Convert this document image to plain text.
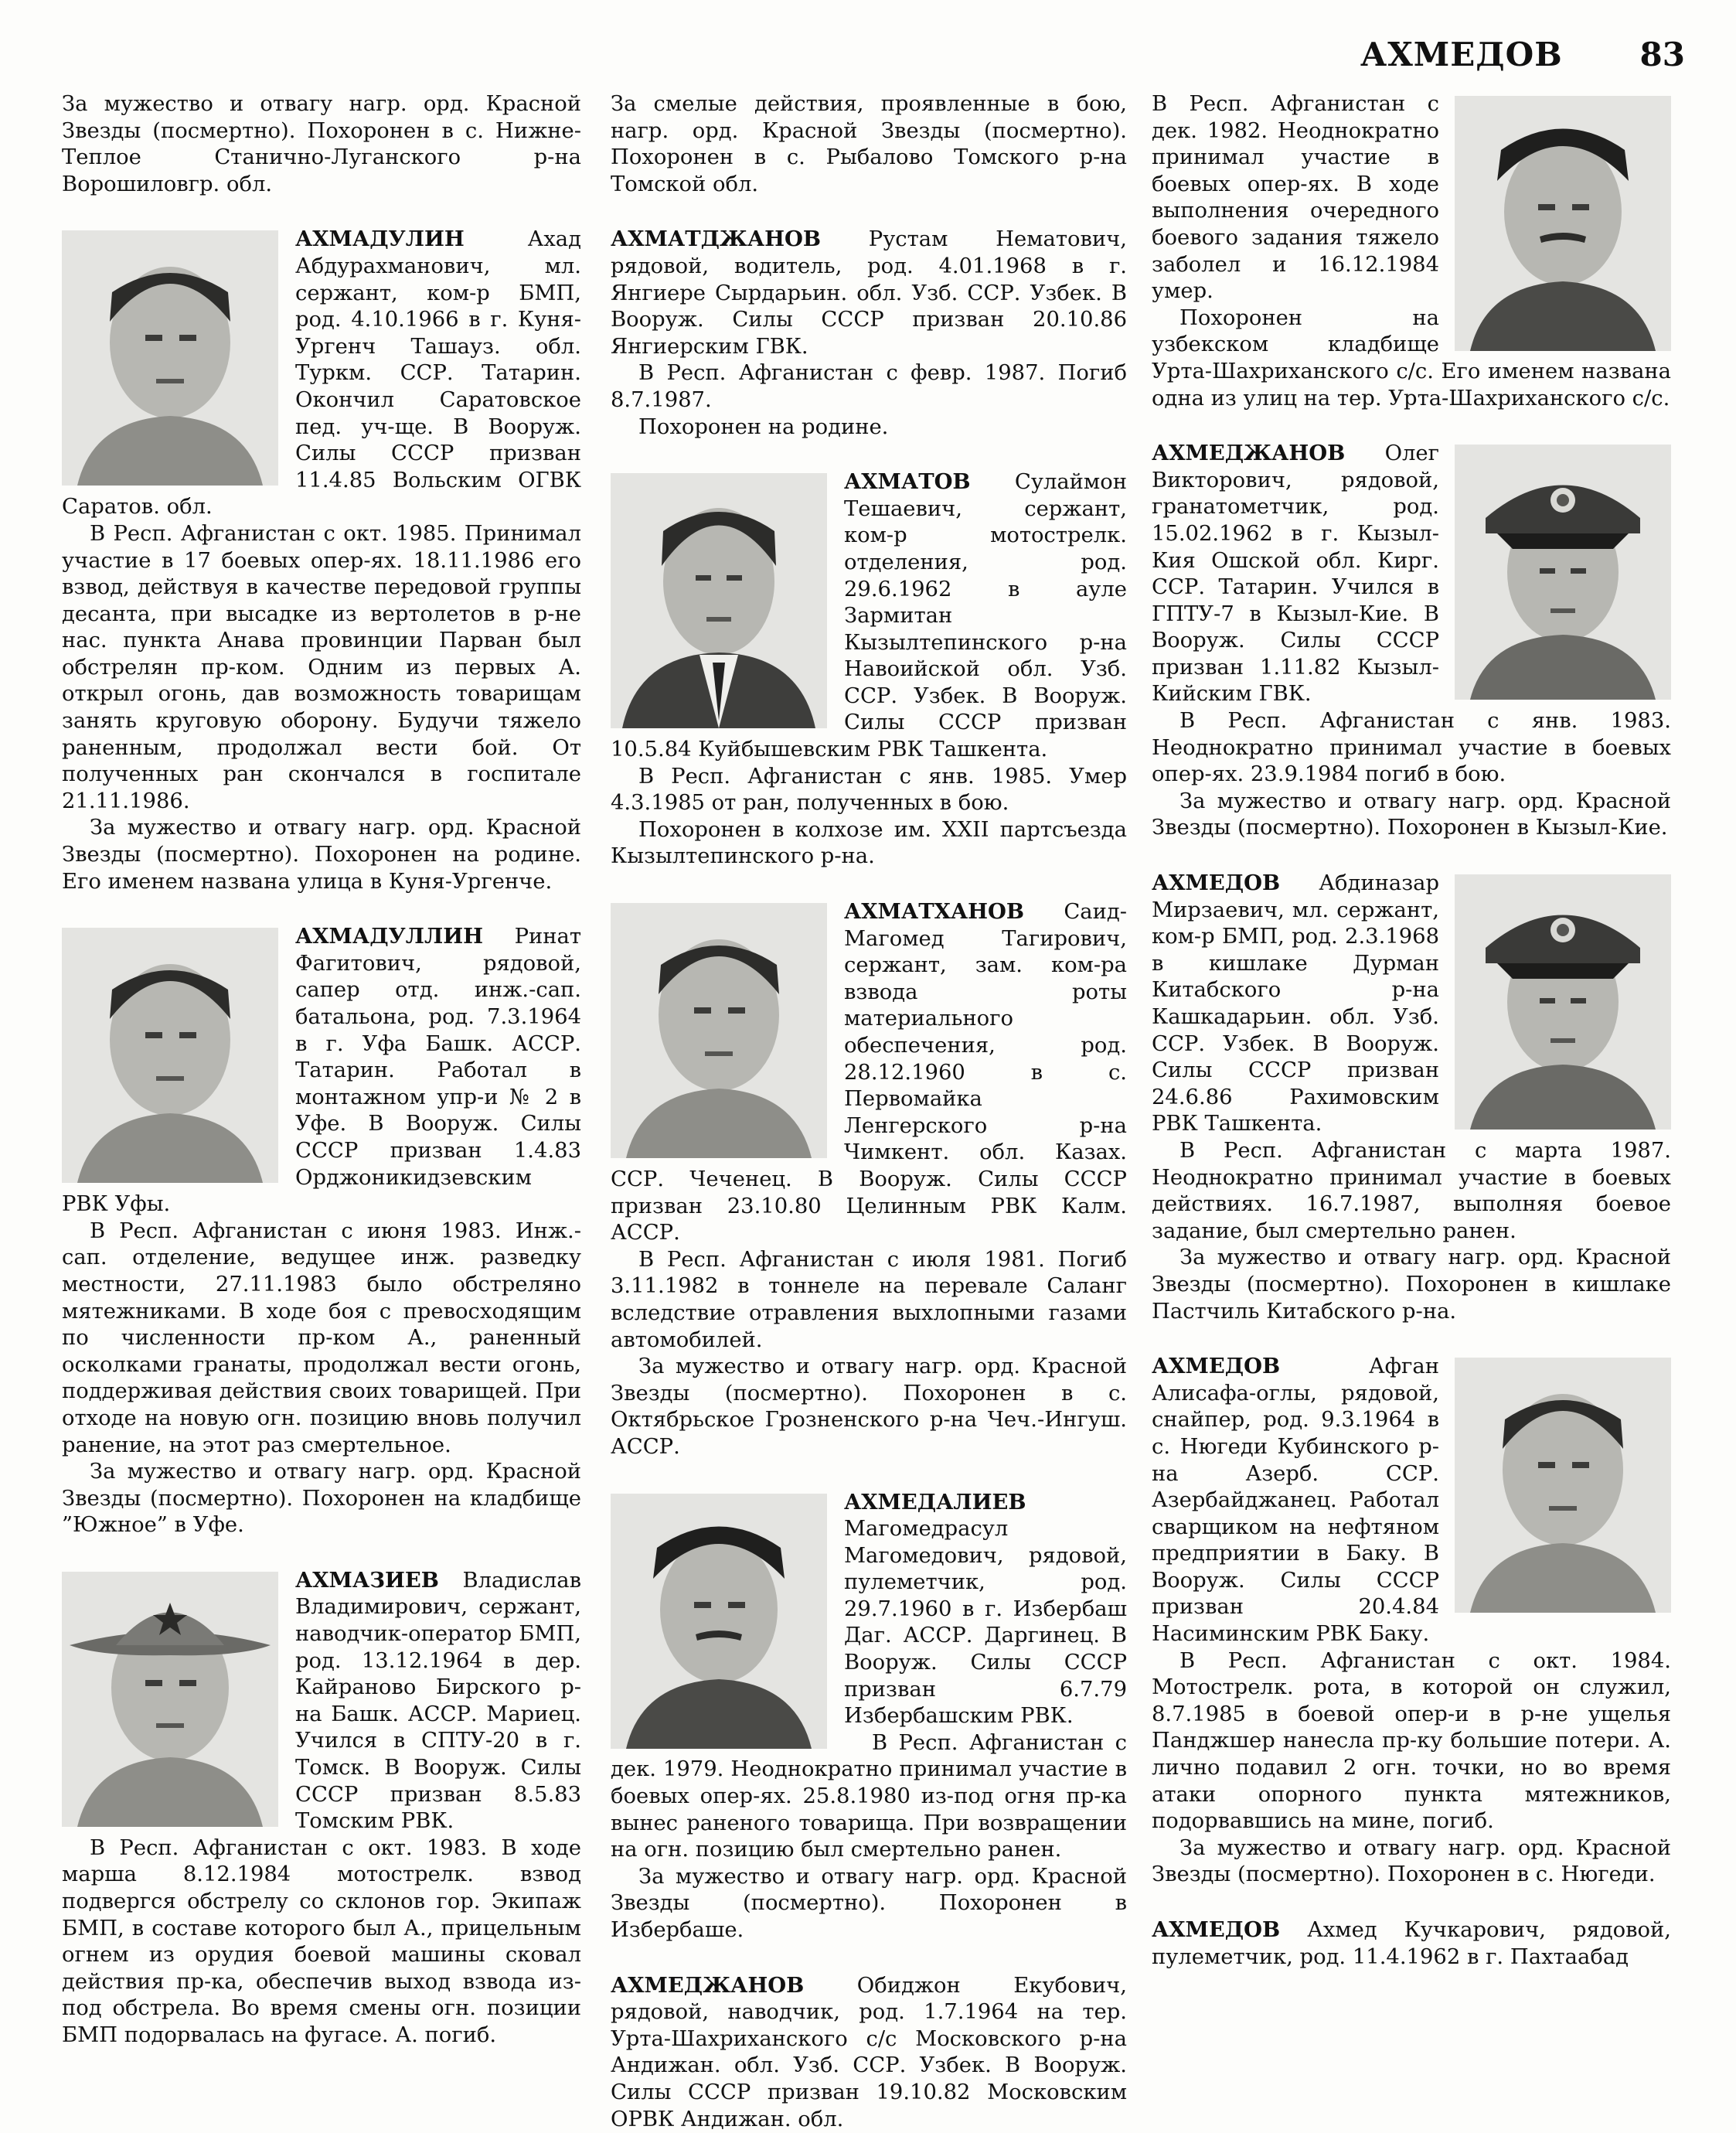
АХМЕДОВ 83

За мужество и отвагу нагр. орд. Красной Звезды (посмертно). Похоронен в с. Нижне-Теплое Станично-Луганского р-на Ворошиловгр. обл.

АХМАДУЛИН	Ахад Абдурахманович, мл. сержант, ком-р БМП, род. 4.10.1966 в г. Куня-Ургенч Ташауз. обл. Туркм. ССР. Татарин. Окончил Саратовское пед. уч-ще. В Вооруж. Силы СССР призван 11.4.85 Вольским ОГВК Саратов. обл.

В Респ. Афганистан с окт. 1985. Принимал участие в 17 боевых опер-ях. 18.11.1986 его взвод, действуя в качестве передовой группы десанта, при высадке из вертолетов в р-не нас. пункта Анава провинции Парван был обстрелян пр-ком. Одним из первых А. открыл огонь, дав возможность товарищам занять круговую оборону. Будучи тяжело раненным, продолжал вести бой. От полученных ран скончался в госпитале 21.11.1986.

За мужество и отвагу нагр. орд. Красной Звезды (посмертно). Похоронен на родине. Его именем названа улица в Куня-Ургенче.

АХМАДУЛЛИН Ринат Фагитович, рядовой, сапер отд. инж.-сап. батальона, род. 7.3.1964 в г. Уфа Башк. АССР. Татарин. Работал в монтажном упр-и № 2 в Уфе. В Вооруж. Силы СССР призван 1.4.83 Орджоникидзевским РВК Уфы.

В Респ. Афганистан с июня 1983. Инж.-сап. отделение, ведущее инж. разведку местности, 27.11.1983 было обстреляно мятежниками. В ходе боя с превосходящим по численности пр-ком А., раненный осколками гранаты, продолжал вести огонь, поддерживая действия своих товарищей. При отходе на новую огн. позицию вновь получил ранение, на этот раз смертельное.

За мужество и отвагу нагр. орд. Красной Звезды (посмертно). Похоронен на кладбище ”Южное” в Уфе.

АХМАЗИЕВ Владислав Владимирович, сержант, наводчик-оператор БМП, род. 13.12.1964 в дер. Кайраново Бирского р-на Башк. АССР. Мариец. Учился в СПТУ-20 в г. Томск. В Вооруж. Силы СССР призван 8.5.83 Томским РВК.

В Респ. Афганистан с окт. 1983. В ходе марша 8.12.1984 мотострелк. взвод подвергся обстрелу со склонов гор. Экипаж БМП, в составе которого был А., прицельным огнем из орудия боевой машины сковал действия пр-ка, обеспечив выход взвода из-под обстрела. Во время смены огн. позиции БМП подорвалась на фугасе. А. погиб.

За смелые действия, проявленные в бою, нагр. орд. Красной Звезды (посмертно). Похоронен в с. Рыбалово Томского р-на Томской обл.

АХМАТДЖАНОВ Рустам Нематович, рядовой, водитель, род. 4.01.1968 в г. Янгиере Сырдарьин. обл. Узб. ССР. Узбек. В Вооруж. Силы СССР призван 20.10.86 Янгиерским ГВК.

В Респ. Афганистан с февр. 1987. Погиб 8.7.1987.

Похоронен на родине.

АХМАТОВ Сулаймон Тешаевич, сержант, ком-р мотострелк. отделения, род. 29.6.1962 в ауле Зармитан Кызылтепинского р-на Навоийской обл. Узб. ССР. Узбек. В Вооруж. Силы СССР призван 10.5.84 Куйбышевским РВК Ташкента.

В Респ. Афганистан с янв. 1985. Умер 4.3.1985 от ран, полученных в бою.

Похоронен в колхозе им. XXII партсъезда Кызылтепинского р-на.

АХМАТХАНОВ Саид-Магомед Тагирович, сержант, зам. ком-ра взвода роты материального обеспечения, род. 28.12.1960 в с. Первомайка Ленгерского р-на Чимкент. обл. Казах. ССР. Чеченец. В Вооруж. Силы СССР призван 23.10.80 Целинным РВК Калм. АССР.

В Респ. Афганистан с июля 1981. Погиб 3.11.1982 в тоннеле на перевале Саланг вследствие отравления выхлопными газами автомобилей.

За мужество и отвагу нагр. орд. Красной Звезды (посмертно). Похоронен в с. Октябрьское Грозненского р-на Чеч.-Ингуш. АССР.

АХМЕДАЛИЕВ Магомедрасул Магомедович, рядовой, пулеметчик, род. 29.7.1960 в г. Избербаш Даг. АССР. Даргинец. В Вооруж. Силы СССР призван 6.7.79 Избербашским РВК.

В Респ. Афганистан с дек. 1979. Неоднократно принимал участие в боевых опер-ях. 25.8.1980 из-под огня пр-ка вынес раненого товарища. При возвращении на огн. позицию был смертельно ранен.

За мужество и отвагу нагр. орд. Красной Звезды (посмертно). Похоронен в Избербаше.

АХМЕДЖАНОВ	Обиджон Екубович, рядовой, наводчик, род. 1.7.1964 на тер. Урта-Шахриханского с/с Московского р-на Андижан. обл. Узб. ССР. Узбек. В Вооруж. Силы СССР призван 19.10.82 Московским ОРВК Андижан. обл.

В Респ. Афганистан с дек. 1982. Неоднократно принимал участие в боевых опер-ях. В ходе выполнения очередного боевого задания тяжело заболел и 16.12.1984 умер.

Похоронен на узбекском кладбище Урта-Шахриханского с/с. Его именем названа одна из улиц на тер. Урта-Шахриханского с/с.

АХМЕДЖАНОВ Олег Викторович, рядовой, гранатометчик, род. 15.02.1962 в г. Кызыл-Кия Ошской обл. Кирг. ССР. Татарин. Учился в ГПТУ-7 в Кызыл-Кие. В Вооруж. Силы СССР призван 1.11.82 Кызыл-Кийским ГВК.

В Респ. Афганистан с янв. 1983. Неоднократно принимал участие в боевых опер-ях. 23.9.1984 погиб в бою.

За мужество и отвагу нагр. орд. Красной Звезды (посмертно). Похоронен в Кызыл-Кие.

АХМЕДОВ Абдиназар Мирзаевич, мл. сержант, ком-р БМП, род. 2.3.1968 в кишлаке Дурман Китабского р-на Кашкадарьин. обл. Узб. ССР. Узбек. В Вооруж. Силы СССР призван 24.6.86 Рахимовским РВК Ташкента.

В Респ. Афганистан с марта 1987. Неоднократно принимал участие в боевых действиях. 16.7.1987, выполняя боевое задание, был смертельно ранен.

За мужество и отвагу нагр. орд. Красной Звезды (посмертно). Похоронен в кишлаке Пастчиль Китабского р-на.

АХМЕДОВ	Афган Алисафа-оглы, рядовой, снайпер, род. 9.3.1964 в с. Нюгеди Кубинского р-на Азерб. ССР. Азербайджанец. Работал сварщиком на нефтяном предприятии в Баку. В Вооруж. Силы СССР призван 20.4.84 Насиминским РВК Баку.

В Респ. Афганистан с окт. 1984. Мотострелк. рота, в которой он служил, 8.7.1985 в боевой опер-и в р-не ущелья Панджшер нанесла пр-ку большие потери. А. лично подавил 2 огн. точки, но во время атаки опорного пункта мятежников, подорвавшись на мине, погиб.

За мужество и отвагу нагр. орд. Красной Звезды (посмертно). Похоронен в с. Нюгеди.

АХМЕДОВ Ахмед Кучкарович, рядовой, пулеметчик, род. 11.4.1962 в г. Пахтаабад
